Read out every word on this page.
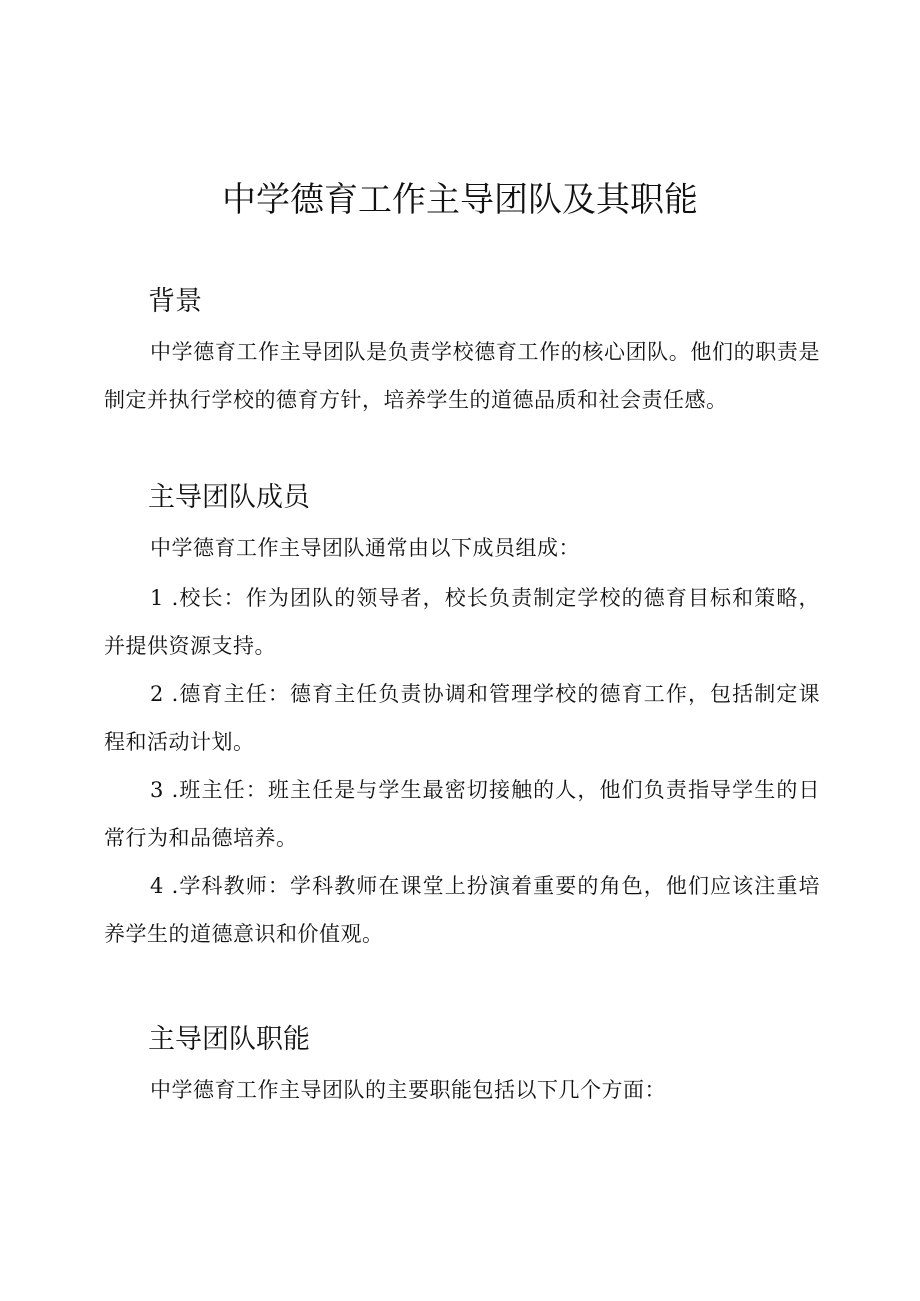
中学德育工作主导团队及其职能
背景

中学德育工作主导团队是负责学校德育工作的核心团队。他们的职责是制定并执行学校的德育方针，培养学生的道德品质和社会责任感。

主导团队成员

中学德育工作主导团队通常由以下成员组成：

1 .校长：作为团队的领导者，校长负责制定学校的德育目标和策略，并提供资源支持。

2 .德育主任：德育主任负责协调和管理学校的德育工作，包括制定课程和活动计划。

3 .班主任：班主任是与学生最密切接触的人，他们负责指导学生的日常行为和品德培养。

4 .学科教师：学科教师在课堂上扮演着重要的角色，他们应该注重培养学生的道德意识和价值观。

主导团队职能

中学德育工作主导团队的主要职能包括以下几个方面：
